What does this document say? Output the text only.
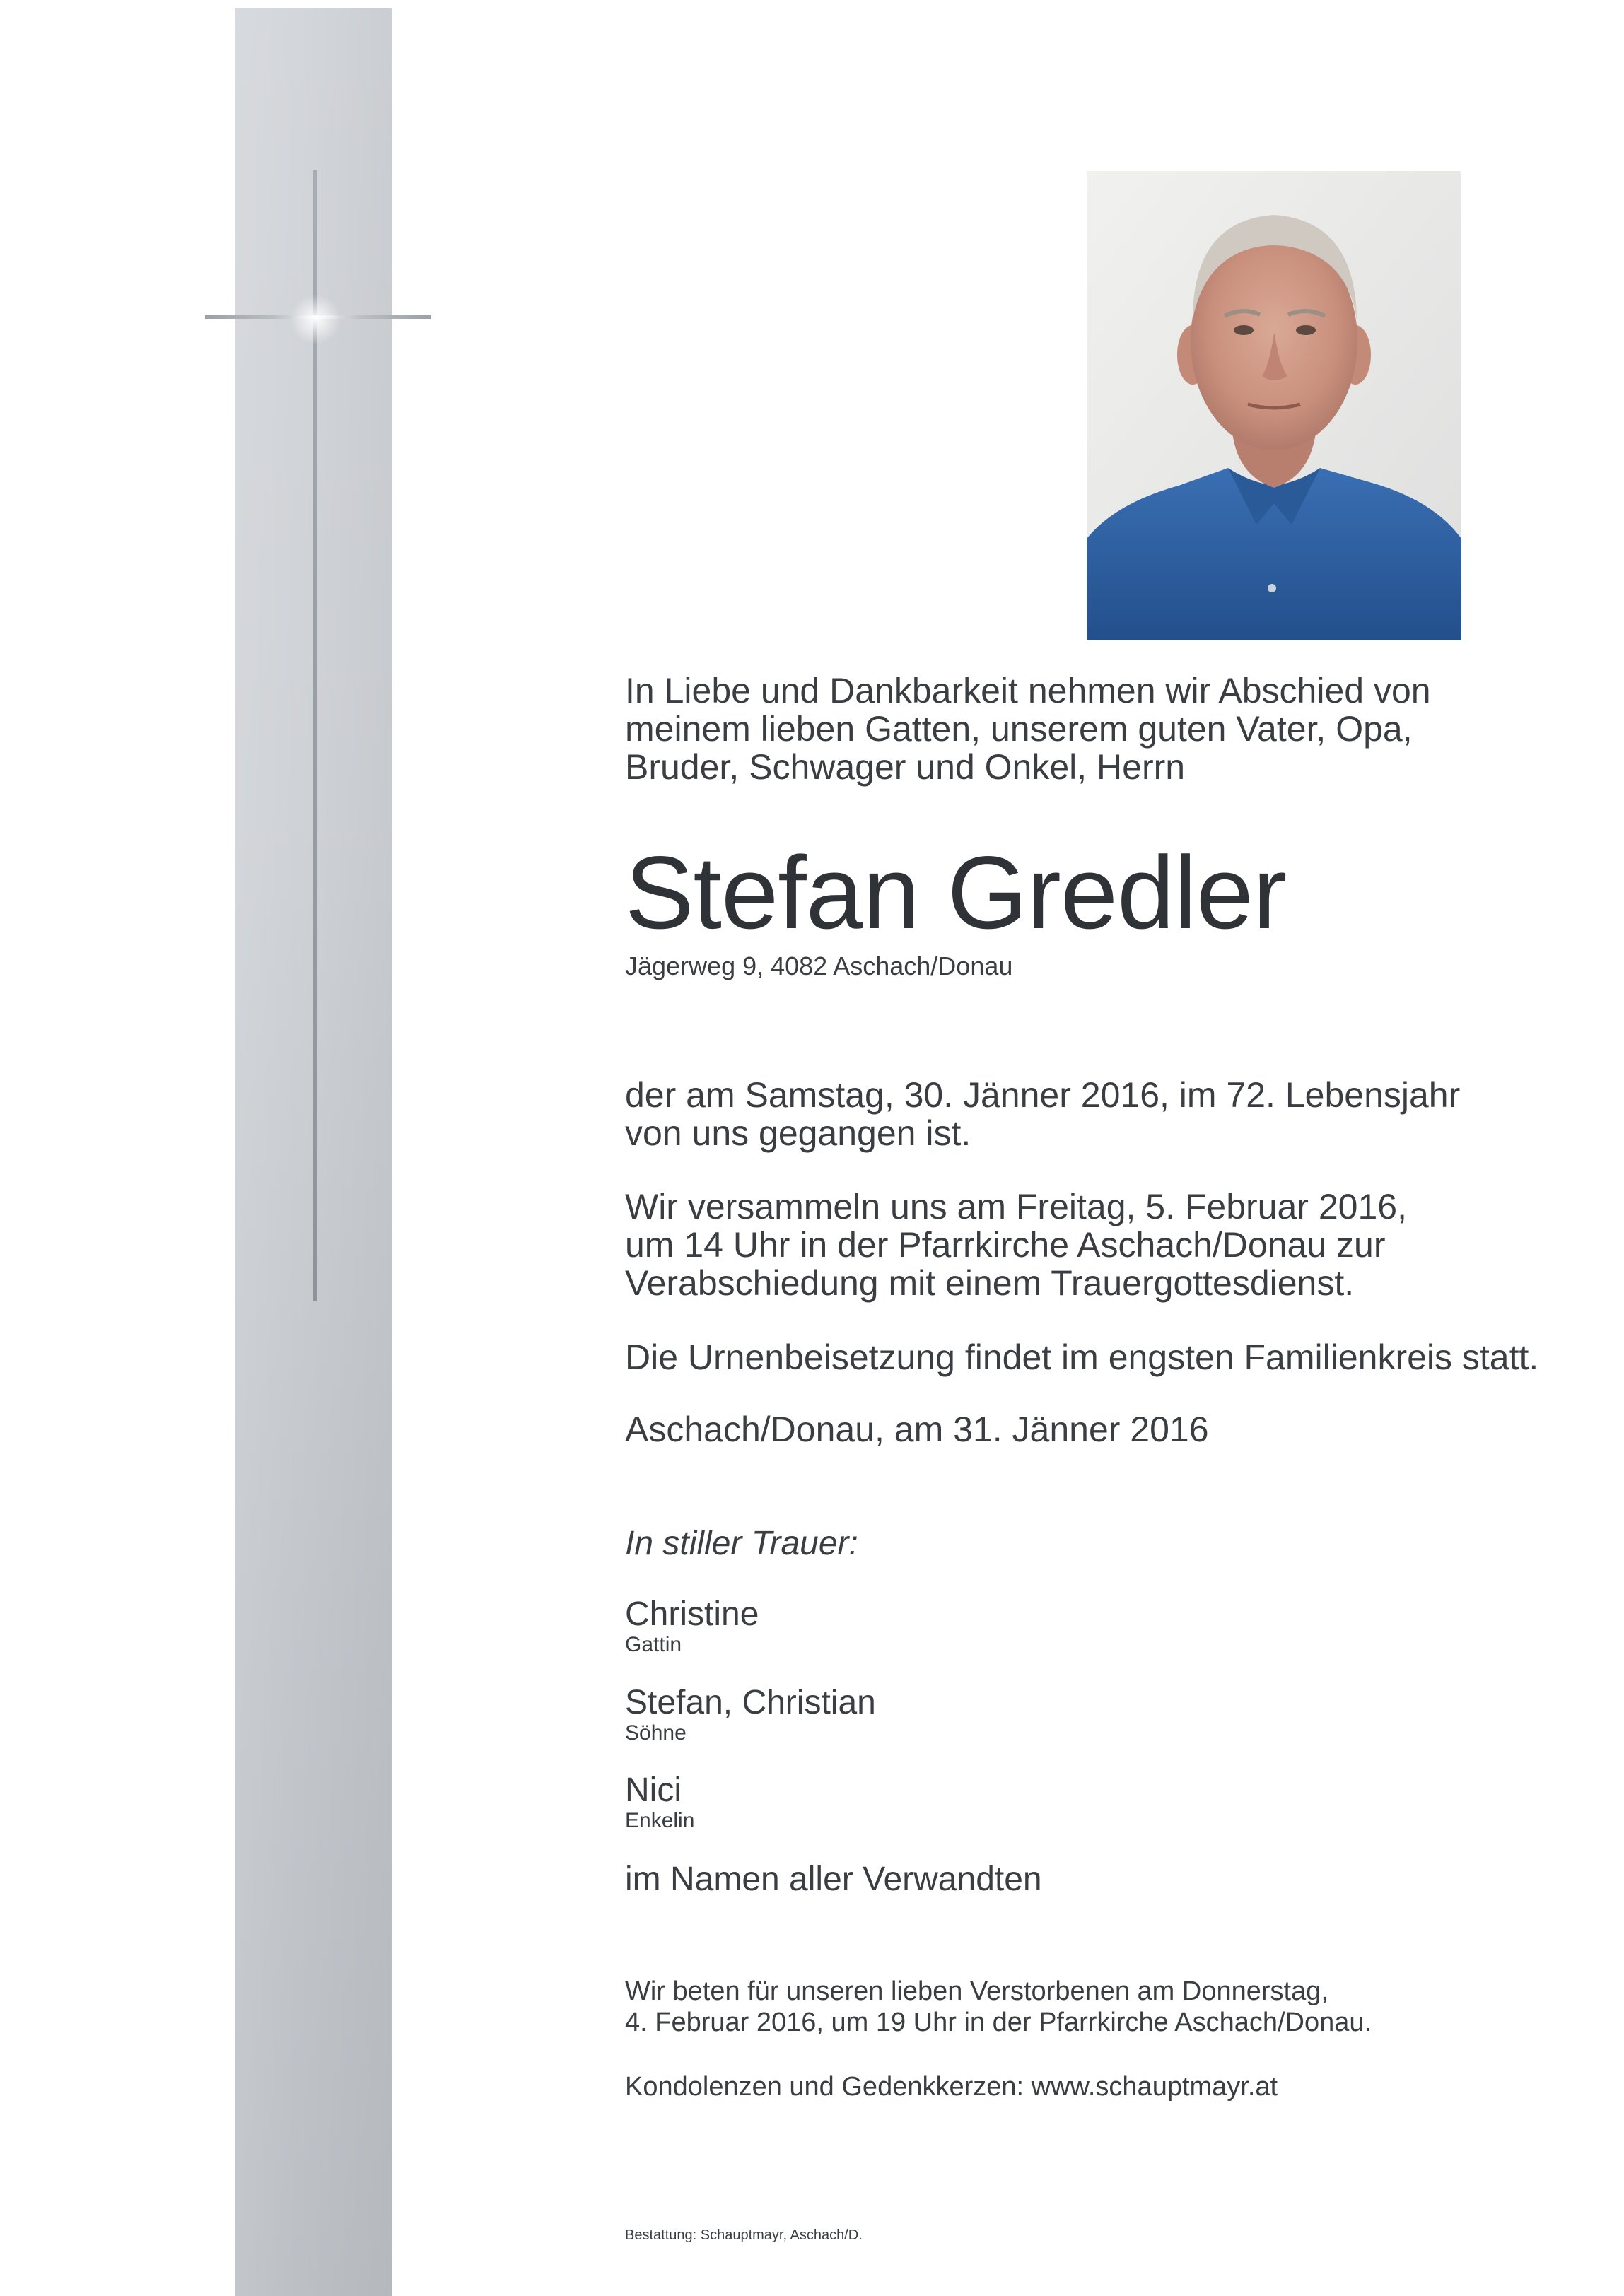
In Liebe und Dankbarkeit nehmen wir Abschied von

meinem lieben Gatten, unserem guten Vater, Opa,

Bruder, Schwager und Onkel, Herrn

Stefan Gredler
Jägerweg 9, 4082 Aschach/Donau

der am Samstag, 30. Jänner 2016, im 72. Lebensjahr

von uns gegangen ist.

Wir versammeln uns am Freitag, 5. Februar 2016,

um 14 Uhr in der Pfarrkirche Aschach/Donau zur

Verabschiedung mit einem Trauergottesdienst.

Die Urnenbeisetzung findet im engsten Familienkreis statt.
Aschach/Donau, am 31. Jänner 2016
In stiller Trauer:
Christine
Gattin
Stefan, Christian
Söhne
Nici
Enkelin
im Namen aller Verwandten

Wir beten für unseren lieben Verstorbenen am Donnerstag,

4. Februar 2016, um 19 Uhr in der Pfarrkirche Aschach/Donau.

Kondolenzen und Gedenkkerzen: www.schauptmayr.at
Bestattung: Schauptmayr, Aschach/D.
